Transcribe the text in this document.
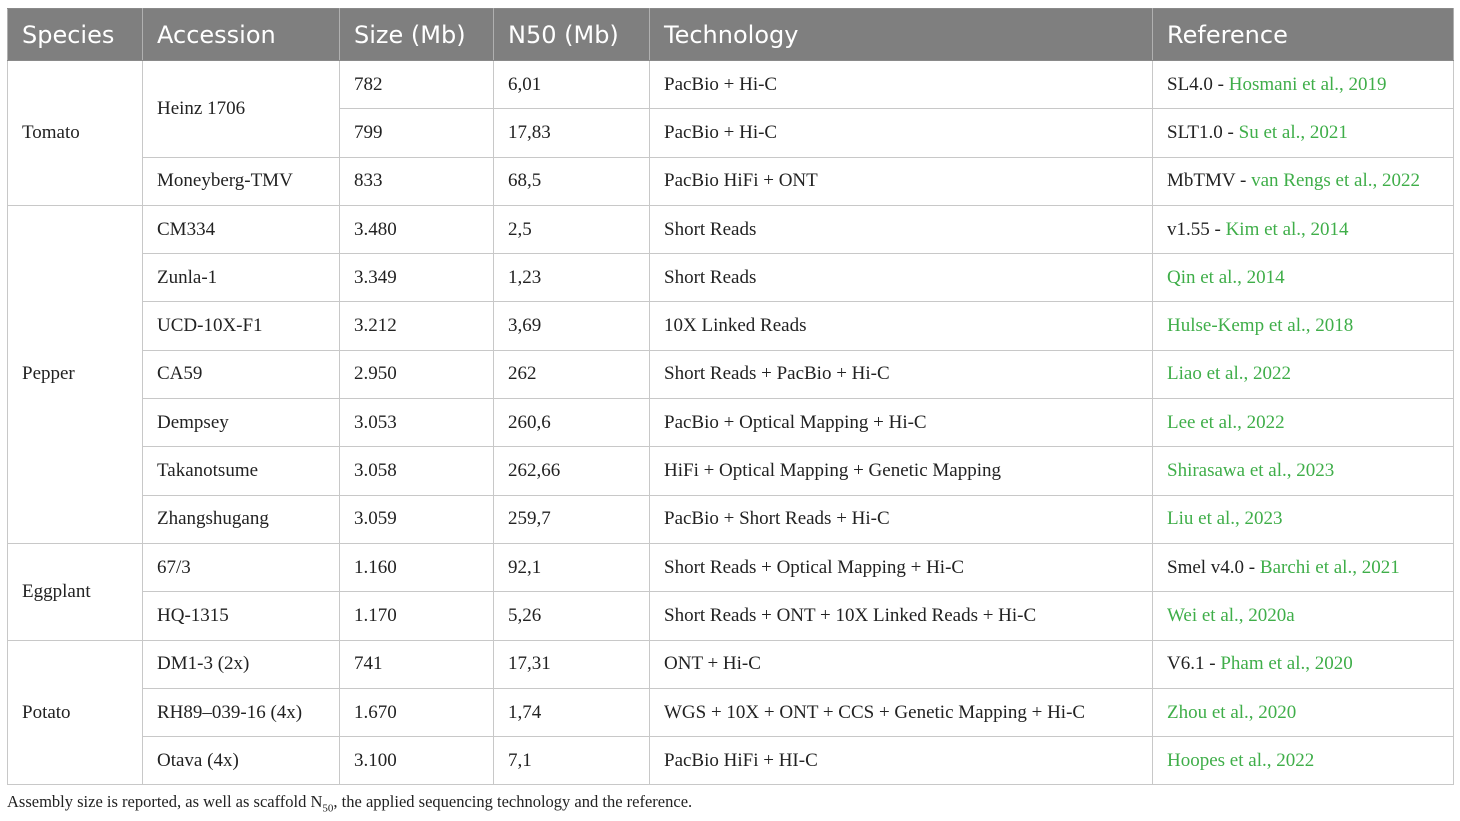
Species	Accession	Size (Mb)	N50 (Mb)	Technology	Reference
Tomato	Heinz 1706	782	6,01	PacBio + Hi-C	SL4.0 - Hosmani et al., 2019
		799	17,83	PacBio + Hi-C	SLT1.0 - Su et al., 2021
	Moneyberg-TMV	833	68,5	PacBio HiFi + ONT	MbTMV - van Rengs et al., 2022
Pepper	CM334	3.480	2,5	Short Reads	v1.55 - Kim et al., 2014
	Zunla-1	3.349	1,23	Short Reads	Qin et al., 2014
	UCD-10X-F1	3.212	3,69	10X Linked Reads	Hulse-Kemp et al., 2018
	CA59	2.950	262	Short Reads + PacBio + Hi-C	Liao et al., 2022
	Dempsey	3.053	260,6	PacBio + Optical Mapping + Hi-C	Lee et al., 2022
	Takanotsume	3.058	262,66	HiFi + Optical Mapping + Genetic Mapping	Shirasawa et al., 2023
	Zhangshugang	3.059	259,7	PacBio + Short Reads + Hi-C	Liu et al., 2023
Eggplant	67/3	1.160	92,1	Short Reads + Optical Mapping + Hi-C	Smel v4.0 - Barchi et al., 2021
	HQ-1315	1.170	5,26	Short Reads + ONT + 10X Linked Reads + Hi-C	Wei et al., 2020a
Potato	DM1-3 (2x)	741	17,31	ONT + Hi-C	V6.1 - Pham et al., 2020
	RH89–039-16 (4x)	1.670	1,74	WGS + 10X + ONT + CCS + Genetic Mapping + Hi-C	Zhou et al., 2020
	Otava (4x)	3.100	7,1	PacBio HiFi + HI-C	Hoopes et al., 2022
Assembly size is reported, as well as scaffold $N_{50}$, the applied sequencing technology and the reference.
